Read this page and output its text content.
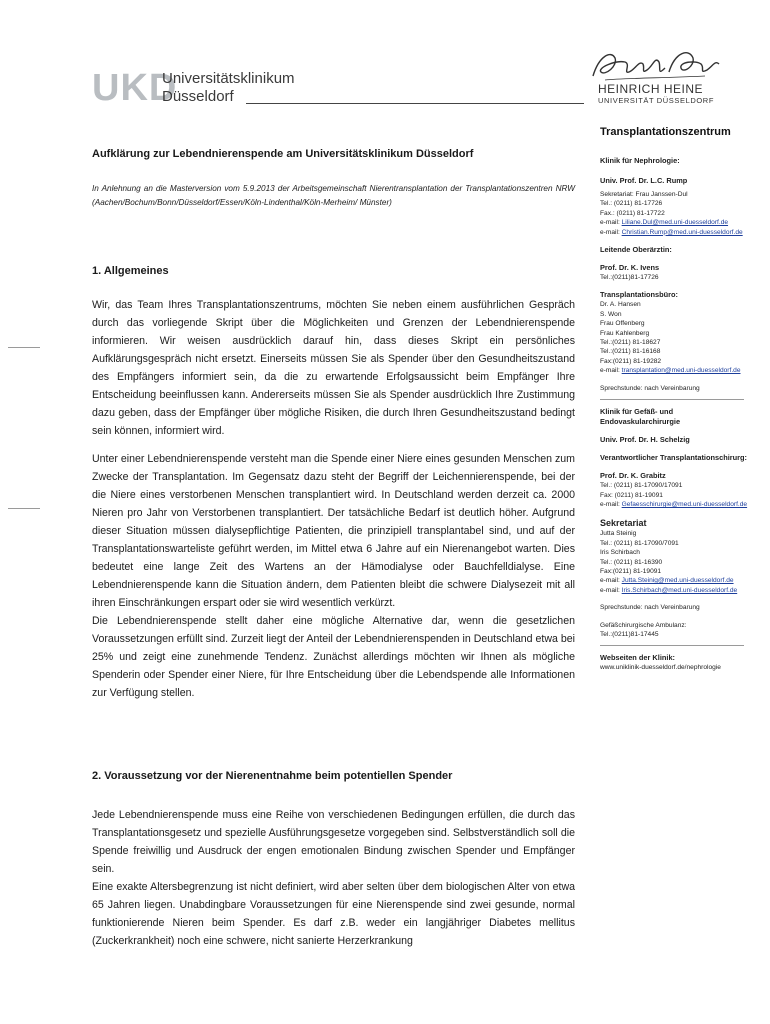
UKD
Universitätsklinikum
Düsseldorf	HEINRICH HEINE
UNIVERSITÄT DÜSSELDORF
Transplantationszentrum
Aufklärung zur Lebendnierenspende am Universitätsklinikum Düsseldorf
In Anlehnung an die Masterversion vom 5.9.2013 der Arbeitsgemeinschaft Nierentransplantation der Transplantationszentren NRW (Aachen/Bochum/Bonn/Düsseldorf/Essen/Köln-Lindenthal/Köln-Merheim/ Münster)
1. Allgemeines

Wir, das Team Ihres Transplantationszentrums, möchten Sie neben einem ausführlichen Gespräch durch das vorliegende Skript über die Möglichkeiten und Grenzen der Lebendnierenspende informieren. Wir weisen ausdrücklich darauf hin, dass dieses Skript ein persönliches Aufklärungsgespräch nicht ersetzt. Einerseits müssen Sie als Spender über den Gesundheitszustand des Empfängers informiert sein, da die zu erwartende Erfolgsaussicht beim Empfänger Ihre Entscheidung beeinflussen kann. Andererseits müssen Sie als Spender ausdrücklich Ihre Zustimmung dazu geben, dass der Empfänger über mögliche Risiken, die durch Ihren Gesundheitszustand bedingt sein können, informiert wird.

Unter einer Lebendnierenspende versteht man die Spende einer Niere eines gesunden Menschen zum Zwecke der Transplantation. Im Gegensatz dazu steht der Begriff der Leichennierenspende, bei der die Niere eines verstorbenen Menschen transplantiert wird. In Deutschland werden derzeit ca. 2000 Nieren pro Jahr von Verstorbenen transplantiert. Der tatsächliche Bedarf ist deutlich höher. Aufgrund dieser Situation müssen dialysepflichtige Patienten, die prinzipiell transplantabel sind, und auf der Transplantationswarteliste geführt werden, im Mittel etwa 6 Jahre auf ein Nierenangebot warten. Dies bedeutet eine lange Zeit des Wartens an der Hämodialyse oder Bauchfelldialyse. Eine Lebendnierenspende kann die Situation ändern, dem Patienten bleibt die schwere Dialysezeit mit all ihren Einschränkungen erspart oder sie wird wesentlich verkürzt.

Die Lebendnierenspende stellt daher eine mögliche Alternative dar, wenn die gesetzlichen Voraussetzungen erfüllt sind. Zurzeit liegt der Anteil der Lebendnierenspenden in Deutschland etwa bei 25% und zeigt eine zunehmende Tendenz. Zunächst allerdings möchten wir Ihnen als mögliche Spenderin oder Spender einer Niere, für Ihre Entscheidung über die Lebendspende alle Informationen zur Verfügung stellen.

2. Voraussetzung vor der Nierenentnahme beim potentiellen Spender

Jede Lebendnierenspende muss eine Reihe von verschiedenen Bedingungen erfüllen, die durch das Transplantationsgesetz und spezielle Ausführungsgesetze vorgegeben sind. Selbstverständlich soll die Spende freiwillig und Ausdruck der engen emotionalen Bindung zwischen Spender und Empfänger sein.

Eine exakte Altersbegrenzung ist nicht definiert, wird aber selten über dem biologischen Alter von etwa 65 Jahren liegen. Unabdingbare Voraussetzungen für eine Nierenspende sind zwei gesunde, normal funktionierende Nieren beim Spender. Es darf z.B. weder ein langjähriger Diabetes mellitus (Zuckerkrankheit) noch eine schwere, nicht sanierte Herzerkrankung

Klinik für Nephrologie:
Univ. Prof. Dr. L.C. Rump
Sekretariat: Frau Janssen-Dul
Tel.: (0211) 81-17726
Fax.: (0211) 81-17722
e-mail: Liliane.Dul@med.uni-duesseldorf.de
e-mail: Christian.Rump@med.uni-duesseldorf.de
Leitende Oberärztin:
Prof. Dr. K. Ivens
Tel.:(0211)81-17726
Transplantationsbüro:
Dr. A. Hansen
S. Won
Frau Offenberg
Frau Kahlenberg
Tel.:(0211) 81-18627
Tel.:(0211) 81-16168
Fax:(0211) 81-19282
e-mail: transplantation@med.uni-duesseldorf.de
Sprechstunde: nach Vereinbarung
Klinik für Gefäß- und Endovaskularchirurgie
Univ. Prof. Dr. H. Schelzig
Verantwortlicher Transplantationschirurg:
Prof. Dr. K. Grabitz
Tel.: (0211) 81-17090/17091
Fax: (0211) 81-19091
e-mail: Gefaesschirurgie@med.uni-duesseldorf.de
Sekretariat
Jutta Steinig
Tel.: (0211) 81-17090/7091
Iris Schirbach
Tel.: (0211) 81-16390
Fax:(0211) 81-19091
e-mail: Jutta.Steinig@med.uni-duesseldorf.de
e-mail: Iris.Schirbach@med.uni-duesseldorf.de
Sprechstunde: nach Vereinbarung
Gefäßchirurgische Ambulanz:
Tel.:(0211)81-17445
Webseiten der Klinik:
www.uniklinik-duesseldorf.de/nephrologie
